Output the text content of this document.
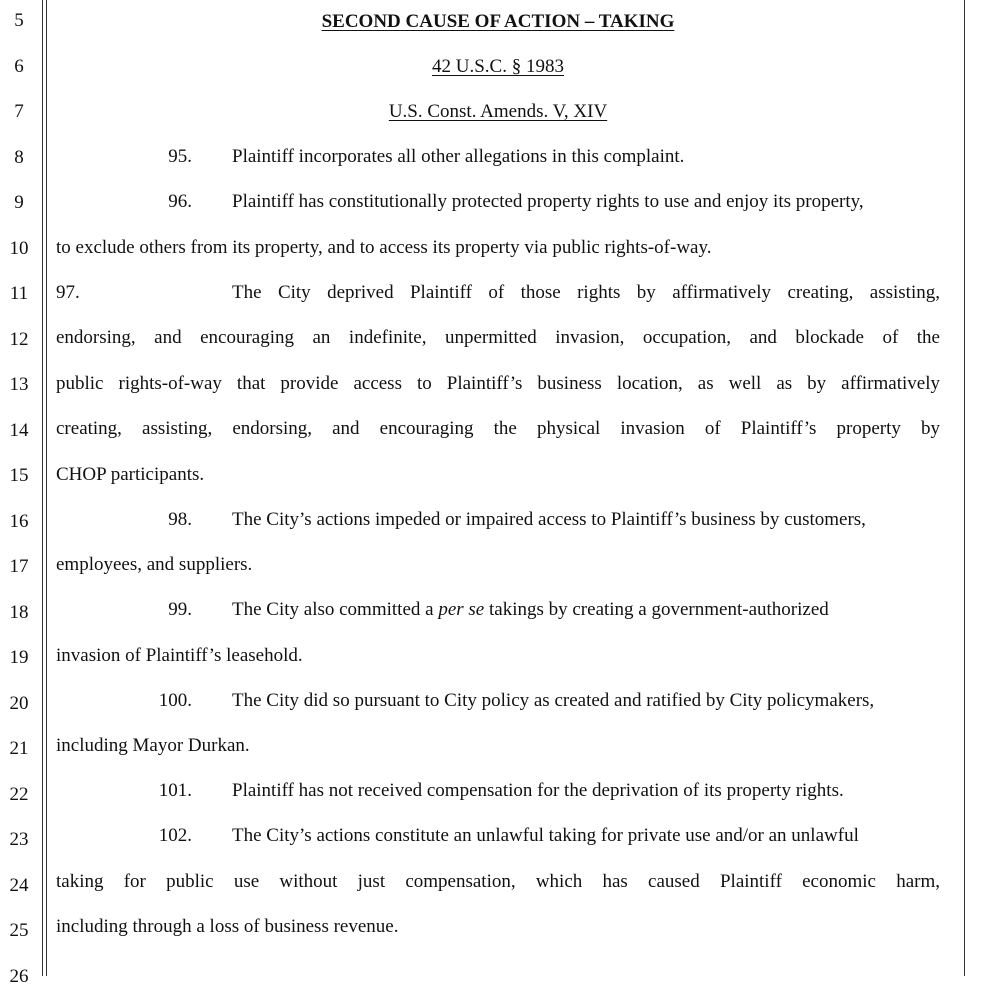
5
6
7
8
9
10
11
12
13
14
15
16
17
18
19
20
21
22
23
24
25
26
SECOND CAUSE OF ACTION – TAKING
42 U.S.C. § 1983
U.S. Const. Amends. V, XIV
95. Plaintiff incorporates all other allegations in this complaint.
96. Plaintiff has constitutionally protected property rights to use and enjoy its property,
to exclude others from its property, and to access its property via public rights-of-way.
97.	The City deprived Plaintiff of those rights by affirmatively creating, assisting,
endorsing, and encouraging an indefinite, unpermitted invasion, occupation, and blockade of the
public rights-of-way that provide access to Plaintiff’s business location, as well as by affirmatively
creating, assisting, endorsing, and encouraging the physical invasion of Plaintiff’s property by
CHOP participants.
98. The City’s actions impeded or impaired access to Plaintiff’s business by customers,
employees, and suppliers.
99. The City also committed a per se takings by creating a government-authorized
invasion of Plaintiff’s leasehold.
100. The City did so pursuant to City policy as created and ratified by City policymakers,
including Mayor Durkan.
101. Plaintiff has not received compensation for the deprivation of its property rights.
102. The City’s actions constitute an unlawful taking for private use and/or an unlawful
taking for public use without just compensation, which has caused Plaintiff economic harm,
including through a loss of business revenue.
